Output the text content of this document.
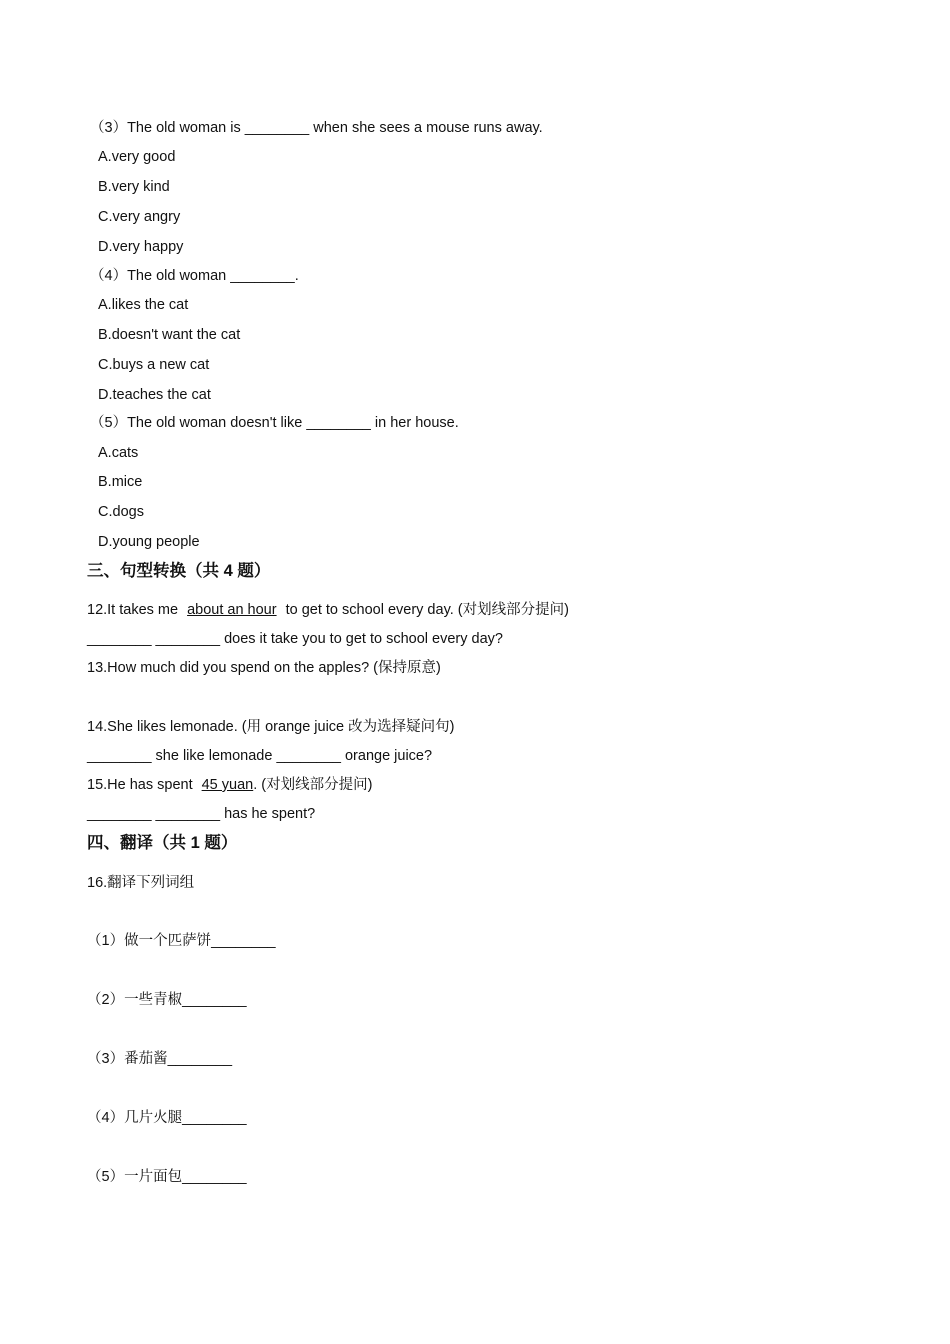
（3）The old woman is ________ when she sees a mouse runs away.
A.very good
B.very kind
C.very angry
D.very happy
（4）The old woman ________.
A.likes the cat
B.doesn't want the cat
C.buys a new cat
D.teaches the cat
（5）The old woman doesn't like ________ in her house.
A.cats
B.mice
C.dogs
D.young people
三、句型转换（共 4 题）
12.It takes me about an hour to get to school every day. (对划线部分提问)
________ ________ does it take you to get to school every day?
13.How much did you spend on the apples? (保持原意)
14.She likes lemonade. (用 orange juice 改为选择疑问句)
________ she like lemonade ________ orange juice?
15.He has spent 45 yuan. (对划线部分提问)
________ ________ has he spent?
四、翻译（共 1 题）
16.翻译下列词组
（1）做一个匹萨饼________
（2）一些青椒________
（3）番茄酱________
（4）几片火腿________
（5）一片面包________
